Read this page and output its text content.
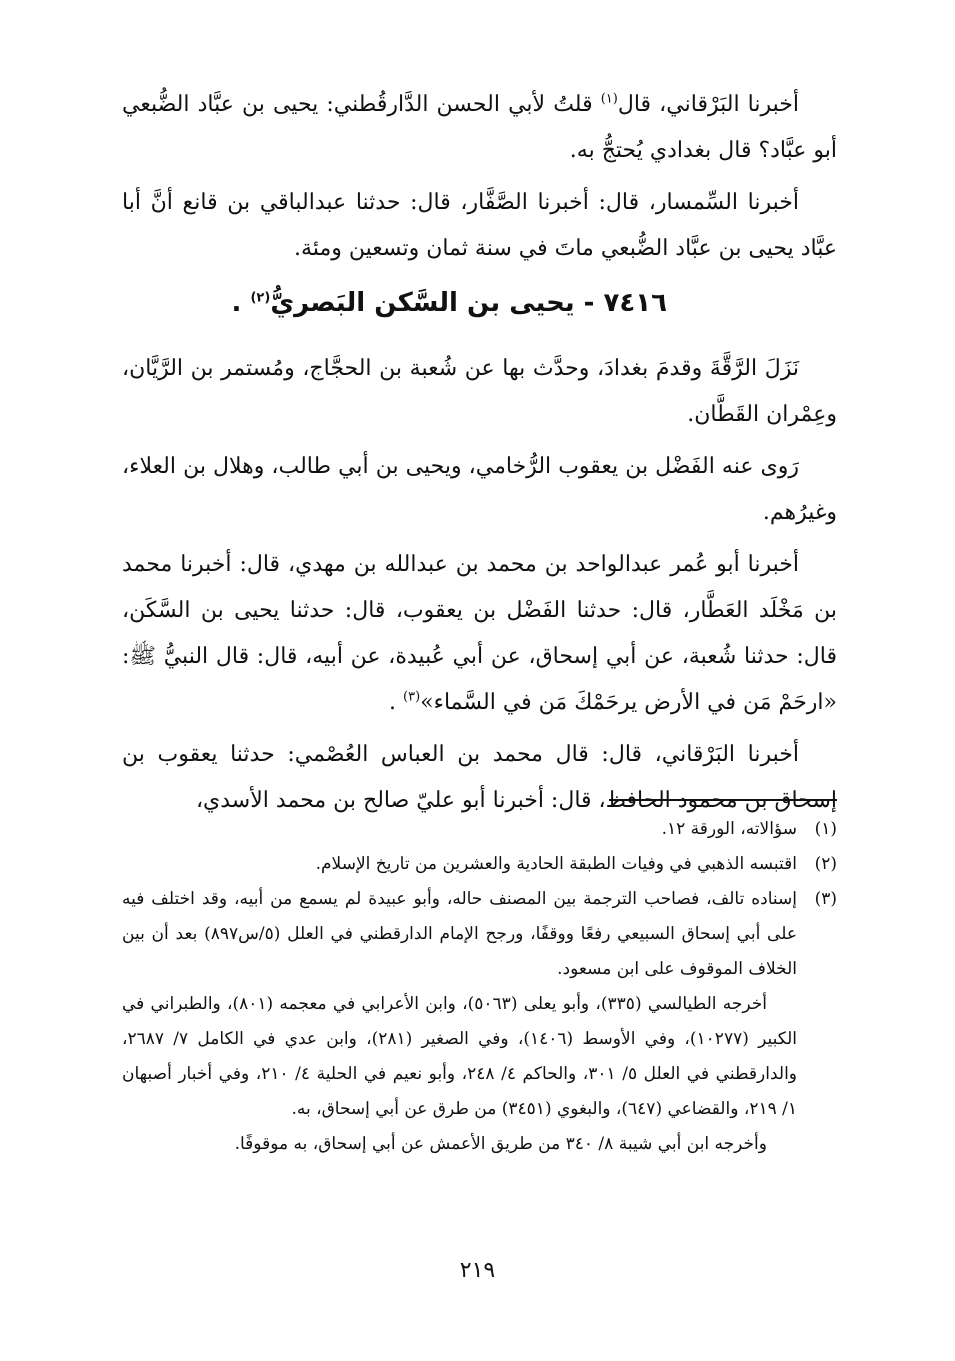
أخبرنا البَرْقاني، قال$^{(١)}$ قلتُ لأبي الحسن الدَّارقُطني: يحيى بن عبَّاد الضُّبعي أبو عبَّاد؟ قال بغدادي يُحتجُّ به.

أخبرنا السِّمسار، قال: أخبرنا الصَّفَّار، قال: حدثنا عبدالباقي بن قانع أنَّ أبا عبَّاد يحيى بن عبَّاد الضُّبعي ماتَ في سنة ثمان وتسعين ومئة.

٧٤١٦ - يحيى بن السَّكن البَصريُّ$^{(٢)}$ .

نَزَلَ الرَّقَّةَ وقدمَ بغدادَ، وحدَّث بها عن شُعبة بن الحجَّاج، ومُستمر بن الرَّيَّان، وعِمْران القَطَّان.

رَوى عنه الفَضْل بن يعقوب الرُّخامي، ويحيى بن أبي طالب، وهلال بن العلاء، وغيرُهم.

أخبرنا أبو عُمر عبدالواحد بن محمد بن عبدالله بن مهدي، قال: أخبرنا محمد بن مَخْلَد العَطَّار، قال: حدثنا الفَضْل بن يعقوب، قال: حدثنا يحيى بن السَّكَن، قال: حدثنا شُعبة، عن أبي إسحاق، عن أبي عُبيدة، عن أبيه، قال: قال النبيُّ ﷺ: «ارحَمْ مَن في الأرض يرحَمْكَ مَن في السَّماء»$^{(٣)}$ .

أخبرنا البَرْقاني، قال: قال محمد بن العباس العُصْمي: حدثنا يعقوب بن إسحاق بن محمود الحافظ، قال: أخبرنا أبو عليّ صالح بن محمد الأسدي،

(١)
سؤالاته، الورقة ١٢.
(٢)
اقتبسه الذهبي في وفيات الطبقة الحادية والعشرين من تاريخ الإسلام.
(٣)
إسناده تالف، فصاحب الترجمة بين المصنف حاله، وأبو عبيدة لم يسمع من أبيه، وقد اختلف فيه على أبي إسحاق السبيعي رفعًا ووقفًا، ورجح الإمام الدارقطني في العلل (٥/س٨٩٧) بعد أن بين الخلاف الموقوف على ابن مسعود.
أخرجه الطيالسي (٣٣٥)، وأبو يعلى (٥٠٦٣)، وابن الأعرابي في معجمه (٨٠١)، والطبراني في الكبير (١٠٢٧٧)، وفي الأوسط (١٤٠٦)، وفي الصغير (٢٨١)، وابن عدي في الكامل ٧/ ٢٦٨٧، والدارقطني في العلل ٥/ ٣٠١، والحاكم ٤/ ٢٤٨، وأبو نعيم في الحلية ٤/ ٢١٠، وفي أخبار أصبهان ١/ ٢١٩، والقضاعي (٦٤٧)، والبغوي (٣٤٥١) من طرق عن أبي إسحاق، به.
وأخرجه ابن أبي شيبة ٨/ ٣٤٠ من طريق الأعمش عن أبي إسحاق، به موقوفًا.
٢١٩
